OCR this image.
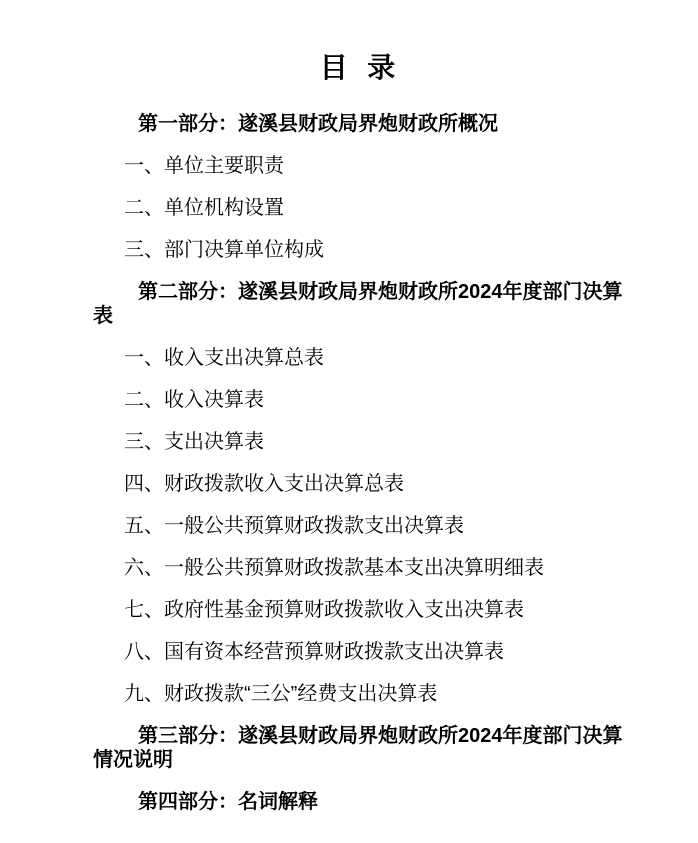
目 录
第一部分：遂溪县财政局界炮财政所概况
一、单位主要职责
二、单位机构设置
三、部门决算单位构成
第二部分：遂溪县财政局界炮财政所2024年度部门决算表
一、收入支出决算总表
二、收入决算表
三、支出决算表
四、财政拨款收入支出决算总表
五、一般公共预算财政拨款支出决算表
六、一般公共预算财政拨款基本支出决算明细表
七、政府性基金预算财政拨款收入支出决算表
八、国有资本经营预算财政拨款支出决算表
九、财政拨款“三公”经费支出决算表
第三部分：遂溪县财政局界炮财政所2024年度部门决算情况说明
第四部分：名词解释
